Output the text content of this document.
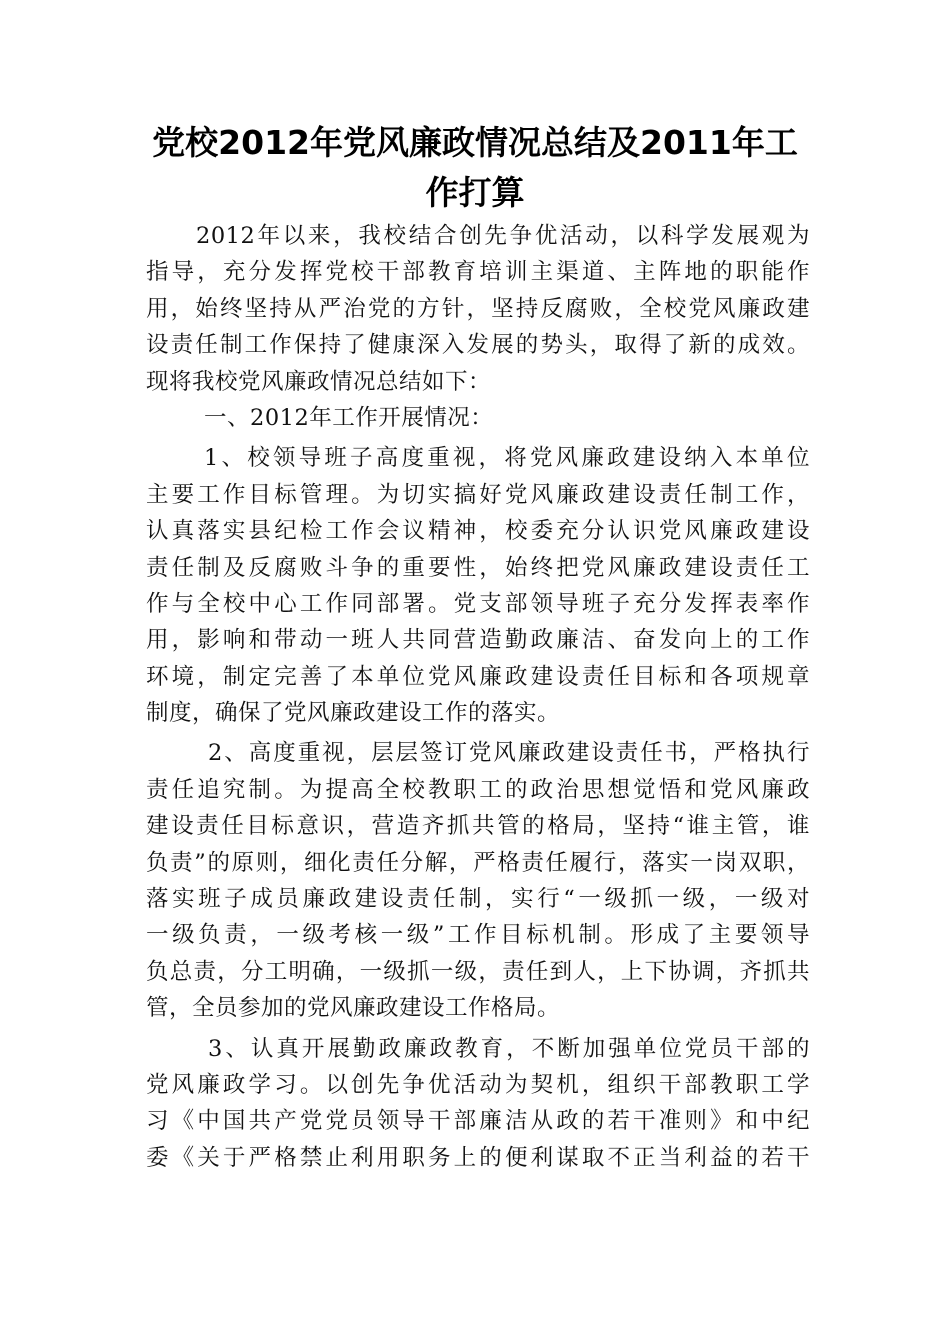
党校2012年党风廉政情况总结及2011年工
作打算
2012年以来，我校结合创先争优活动，以科学发展观为
指导，充分发挥党校干部教育培训主渠道、主阵地的职能作
用，始终坚持从严治党的方针，坚持反腐败，全校党风廉政建
设责任制工作保持了健康深入发展的势头，取得了新的成效。
现将我校党风廉政情况总结如下：
一、2012年工作开展情况：
1、校领导班子高度重视，将党风廉政建设纳入本单位
主要工作目标管理。为切实搞好党风廉政建设责任制工作，
认真落实县纪检工作会议精神，校委充分认识党风廉政建设
责任制及反腐败斗争的重要性，始终把党风廉政建设责任工
作与全校中心工作同部署。党支部领导班子充分发挥表率作
用，影响和带动一班人共同营造勤政廉洁、奋发向上的工作
环境，制定完善了本单位党风廉政建设责任目标和各项规章
制度，确保了党风廉政建设工作的落实。
2、高度重视，层层签订党风廉政建设责任书，严格执行
责任追究制。为提高全校教职工的政治思想觉悟和党风廉政
建设责任目标意识，营造齐抓共管的格局，坚持“谁主管，谁
负责”的原则，细化责任分解，严格责任履行，落实一岗双职，
落实班子成员廉政建设责任制，实行“一级抓一级，一级对
一级负责，一级考核一级”工作目标机制。形成了主要领导
负总责，分工明确，一级抓一级，责任到人，上下协调，齐抓共
管，全员参加的党风廉政建设工作格局。
3、认真开展勤政廉政教育，不断加强单位党员干部的
党风廉政学习。以创先争优活动为契机，组织干部教职工学
习《中国共产党党员领导干部廉洁从政的若干准则》和中纪
委《关于严格禁止利用职务上的便利谋取不正当利益的若干
